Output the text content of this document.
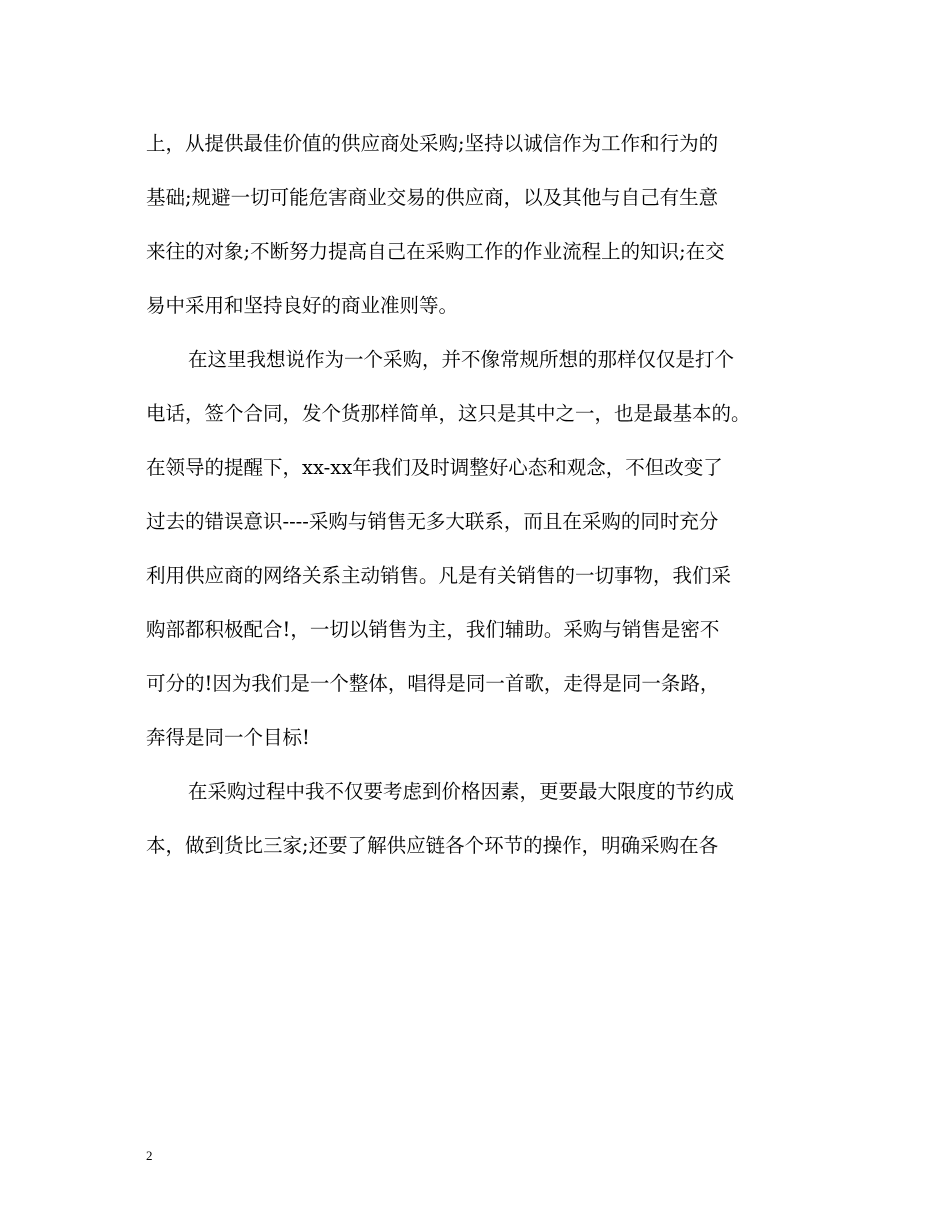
上，从提供最佳价值的供应商处采购;坚持以诚信作为工作和行为的
基础;规避一切可能危害商业交易的供应商，以及其他与自己有生意
来往的对象;不断努力提高自己在采购工作的作业流程上的知识;在交
易中采用和坚持良好的商业准则等。
在这里我想说作为一个采购，并不像常规所想的那样仅仅是打个
电话，签个合同，发个货那样简单，这只是其中之一，也是最基本的。
在领导的提醒下，xx-xx年我们及时调整好心态和观念，不但改变了
过去的错误意识----采购与销售无多大联系，而且在采购的同时充分
利用供应商的网络关系主动销售。凡是有关销售的一切事物，我们采
购部都积极配合!，一切以销售为主，我们辅助。采购与销售是密不
可分的!因为我们是一个整体，唱得是同一首歌，走得是同一条路，
奔得是同一个目标!
在采购过程中我不仅要考虑到价格因素，更要最大限度的节约成
本，做到货比三家;还要了解供应链各个环节的操作，明确采购在各
2
